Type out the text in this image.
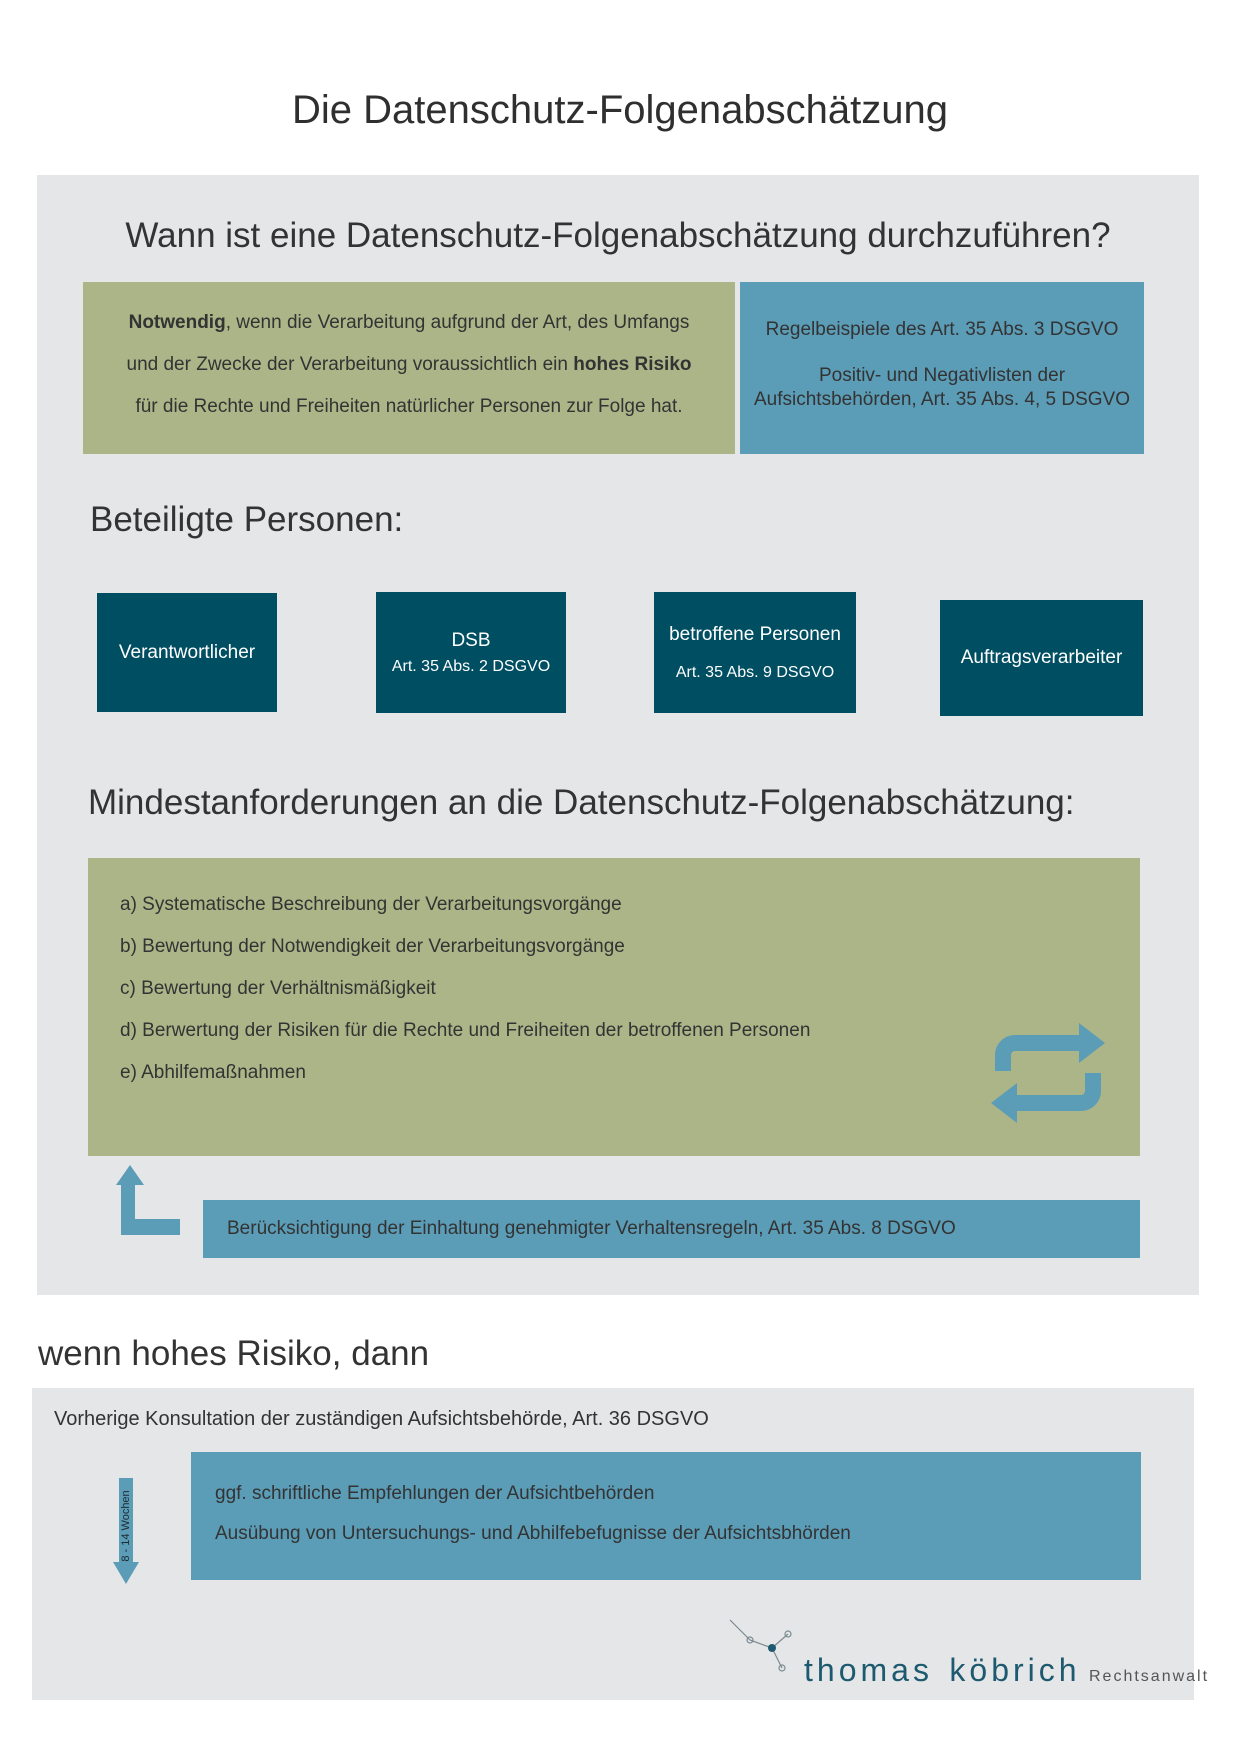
Die Datenschutz-Folgenabschätzung
Wann ist eine Datenschutz-Folgenabschätzung durchzuführen?
Notwendig, wenn die Verarbeitung aufgrund der Art, des Umfangs
und der Zwecke der Verarbeitung voraussichtlich ein hohes Risiko
für die Rechte und Freiheiten natürlicher Personen zur Folge hat.
Regelbeispiele des Art. 35 Abs. 3 DSGVO
Positiv- und Negativlisten der
Aufsichtsbehörden, Art. 35 Abs. 4, 5 DSGVO
Beteiligte Personen:
Verantwortlicher
DSB
Art. 35 Abs. 2 DSGVO
betroffene Personen
Art. 35 Abs. 9 DSGVO
Auftragsverarbeiter
Mindestanforderungen an die Datenschutz-Folgenabschätzung:
a) Systematische Beschreibung der Verarbeitungsvorgänge
b) Bewertung der Notwendigkeit der Verarbeitungsvorgänge
c) Bewertung der Verhältnismäßigkeit
d) Berwertung der Risiken für die Rechte und Freiheiten der betroffenen Personen
e) Abhilfemaßnahmen
Berücksichtigung der Einhaltung genehmigter Verhaltensregeln, Art. 35 Abs. 8 DSGVO
wenn hohes Risiko, dann
Vorherige Konsultation der zuständigen Aufsichtsbehörde, Art. 36 DSGVO
8 - 14 Wochen	ggf. schriftliche Empfehlungen der Aufsichtbehörden
Ausübung von Untersuchungs- und Abhilfebefugnisse der Aufsichtsbhörden
thomas köbrich Rechtsanwalt
